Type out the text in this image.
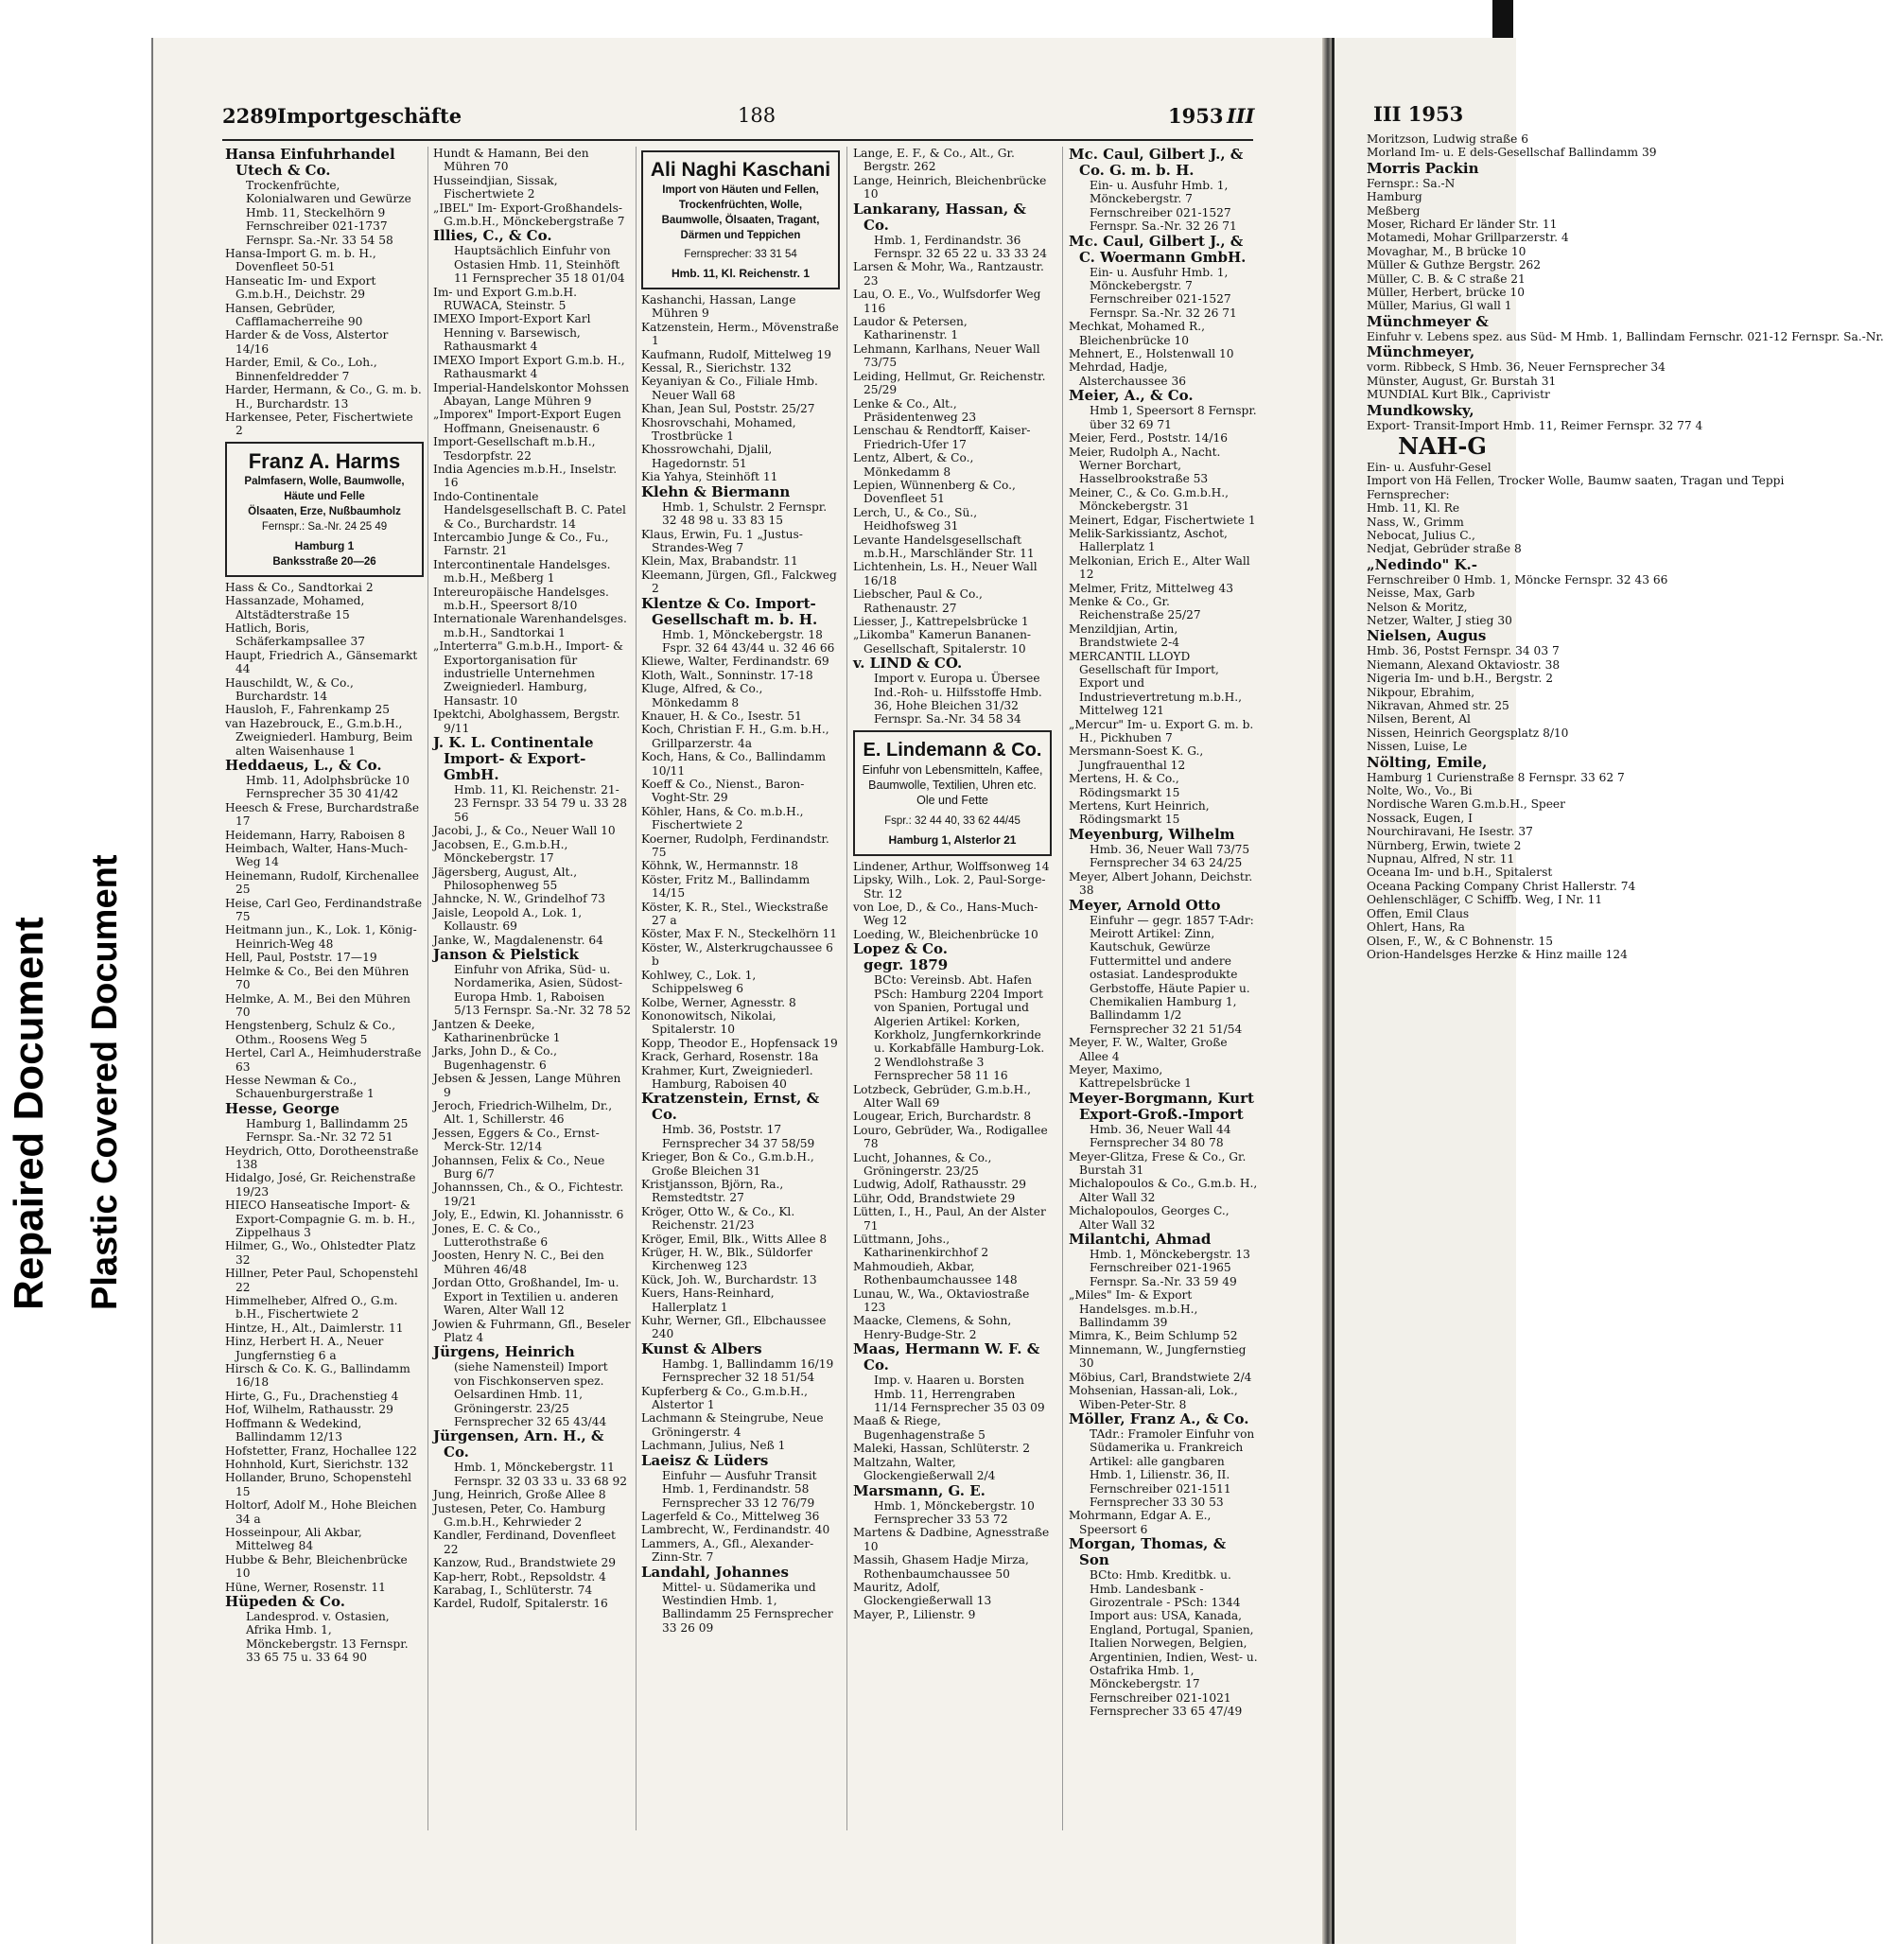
Repaired Document Plastic Covered Document
2289 Importgeschäfte	188	1953 III
Hansa Einfuhrhandel
Utech & Co.
Trockenfrüchte, Kolonialwaren und Gewürze Hmb. 11, Steckelhörn 9 Fernschreiber 021-1737 Fernspr. Sa.-Nr. 33 54 58
Hansa-Import G. m. b. H., Dovenfleet 50-51
Hanseatic Im- und Export G.m.b.H., Deichstr. 29
Hansen, Gebrüder, Cafflamacherreihe 90
Harder & de Voss, Alstertor 14/16
Harder, Emil, & Co., Loh., Binnenfeldredder 7
Harder, Hermann, & Co., G. m. b. H., Burchardstr. 13
Harkensee, Peter, Fischertwiete 2
Franz A. Harms
Palmfasern, Wolle, Baumwolle, Häute und Felle
Ölsaaten, Erze, Nußbaumholz
Fernspr.: Sa.-Nr. 24 25 49
Hamburg 1
Banksstraße 20—26
Hass & Co., Sandtorkai 2
Hassanzade, Mohamed, Altstädterstraße 15
Hatlich, Boris, Schäferkampsallee 37
Haupt, Friedrich A., Gänsemarkt 44
Hauschildt, W., & Co., Burchardstr. 14
Hausloh, F., Fahrenkamp 25
van Hazebrouck, E., G.m.b.H., Zweigniederl. Hamburg, Beim alten Waisenhause 1
Heddaeus, L., & Co.
Hmb. 11, Adolphsbrücke 10 Fernsprecher 35 30 41/42
Heesch & Frese, Burchardstraße 17
Heidemann, Harry, Raboisen 8
Heimbach, Walter, Hans-Much-Weg 14
Heinemann, Rudolf, Kirchenallee 25
Heise, Carl Geo, Ferdinandstraße 75
Heitmann jun., K., Lok. 1, König-Heinrich-Weg 48
Hell, Paul, Poststr. 17—19
Helmke & Co., Bei den Mühren 70
Helmke, A. M., Bei den Mühren 70
Hengstenberg, Schulz & Co., Othm., Roosens Weg 5
Hertel, Carl A., Heimhuderstraße 63
Hesse Newman & Co., Schauenburgerstraße 1
Hesse, George
Hamburg 1, Ballindamm 25 Fernspr. Sa.-Nr. 32 72 51
Heydrich, Otto, Dorotheenstraße 138
Hidalgo, José, Gr. Reichenstraße 19/23
HIECO Hanseatische Import- & Export-Compagnie G. m. b. H., Zippelhaus 3
Hilmer, G., Wo., Ohlstedter Platz 32
Hillner, Peter Paul, Schopenstehl 22
Himmelheber, Alfred O., G.m. b.H., Fischertwiete 2
Hintze, H., Alt., Daimlerstr. 11
Hinz, Herbert H. A., Neuer Jungfernstieg 6 a
Hirsch & Co. K. G., Ballindamm 16/18
Hirte, G., Fu., Drachenstieg 4
Hof, Wilhelm, Rathausstr. 29
Hoffmann & Wedekind, Ballindamm 12/13
Hofstetter, Franz, Hochallee 122
Hohnhold, Kurt, Sierichstr. 132
Hollander, Bruno, Schopenstehl 15
Holtorf, Adolf M., Hohe Bleichen 34 a
Hosseinpour, Ali Akbar, Mittelweg 84
Hubbe & Behr, Bleichenbrücke 10
Hüne, Werner, Rosenstr. 11
Hüpeden & Co.
Landesprod. v. Ostasien, Afrika Hmb. 1, Mönckebergstr. 13 Fernspr. 33 65 75 u. 33 64 90
Hundt & Hamann, Bei den Mühren 70
Husseindjian, Sissak, Fischertwiete 2
„IBEL" Im- Export-Großhandels-G.m.b.H., Mönckebergstraße 7
Illies, C., & Co.
Hauptsächlich Einfuhr von Ostasien Hmb. 11, Steinhöft 11 Fernsprecher 35 18 01/04
Im- und Export G.m.b.H. RUWACA, Steinstr. 5
IMEXO Import-Export Karl Henning v. Barsewisch, Rathausmarkt 4
IMEXO Import Export G.m.b. H., Rathausmarkt 4
Imperial-Handelskontor Mohssen Abayan, Lange Mühren 9
„Imporex" Import-Export Eugen Hoffmann, Gneisenaustr. 6
Import-Gesellschaft m.b.H., Tesdorpfstr. 22
India Agencies m.b.H., Inselstr. 16
Indo-Continentale Handelsgesellschaft B. C. Patel & Co., Burchardstr. 14
Intercambio Junge & Co., Fu., Farnstr. 21
Intercontinentale Handelsges. m.b.H., Meßberg 1
Intereuropäische Handelsges. m.b.H., Speersort 8/10
Internationale Warenhandelsges. m.b.H., Sandtorkai 1
„Interterra" G.m.b.H., Import- & Exportorganisation für industrielle Unternehmen Zweigniederl. Hamburg, Hansastr. 10
Ipektchi, Abolghassem, Bergstr. 9/11
J. K. L. Continentale Import- & Export-GmbH.
Hmb. 11, Kl. Reichenstr. 21-23 Fernspr. 33 54 79 u. 33 28 56
Jacobi, J., & Co., Neuer Wall 10
Jacobsen, E., G.m.b.H., Mönckebergstr. 17
Jägersberg, August, Alt., Philosophenweg 55
Jahncke, N. W., Grindelhof 73
Jaisle, Leopold A., Lok. 1, Kollaustr. 69
Janke, W., Magdalenenstr. 64
Janson & Pielstick
Einfuhr von Afrika, Süd- u. Nordamerika, Asien, Südost-Europa Hmb. 1, Raboisen 5/13 Fernspr. Sa.-Nr. 32 78 52
Jantzen & Deeke, Katharinenbrücke 1
Jarks, John D., & Co., Bugenhagenstr. 6
Jebsen & Jessen, Lange Mühren 9
Jeroch, Friedrich-Wilhelm, Dr., Alt. 1, Schillerstr. 46
Jessen, Eggers & Co., Ernst-Merck-Str. 12/14
Johannsen, Felix & Co., Neue Burg 6/7
Johannssen, Ch., & O., Fichtestr. 19/21
Joly, E., Edwin, Kl. Johannisstr. 6
Jones, E. C. & Co., Lutterothstraße 6
Joosten, Henry N. C., Bei den Mühren 46/48
Jordan Otto, Großhandel, Im- u. Export in Textilien u. anderen Waren, Alter Wall 12
Jowien & Fuhrmann, Gfl., Beseler Platz 4
Jürgens, Heinrich
(siehe Namensteil) Import von Fischkonserven spez. Oelsardinen Hmb. 11, Gröningerstr. 23/25 Fernsprecher 32 65 43/44
Jürgensen, Arn. H., & Co.
Hmb. 1, Mönckebergstr. 11 Fernspr. 32 03 33 u. 33 68 92
Jung, Heinrich, Große Allee 8
Justesen, Peter, Co. Hamburg G.m.b.H., Kehrwieder 2
Kandler, Ferdinand, Dovenfleet 22
Kanzow, Rud., Brandstwiete 29
Kap-herr, Robt., Repsoldstr. 4
Karabag, I., Schlüterstr. 74
Kardel, Rudolf, Spitalerstr. 16
Ali Naghi Kaschani
Import von Häuten und Fellen, Trockenfrüchten, Wolle, Baumwolle, Ölsaaten, Tragant, Därmen und Teppichen
Fernsprecher: 33 31 54
Hmb. 11, Kl. Reichenstr. 1
Kashanchi, Hassan, Lange Mühren 9
Katzenstein, Herm., Mövenstraße 1
Kaufmann, Rudolf, Mittelweg 19
Kessal, R., Sierichstr. 132
Keyaniyan & Co., Filiale Hmb. Neuer Wall 68
Khan, Jean Sul, Poststr. 25/27
Khosrovschahi, Mohamed, Trostbrücke 1
Khossrowchahi, Djalil, Hagedornstr. 51
Kia Yahya, Steinhöft 11
Klehn & Biermann
Hmb. 1, Schulstr. 2 Fernspr. 32 48 98 u. 33 83 15
Klaus, Erwin, Fu. 1 „Justus-Strandes-Weg 7
Klein, Max, Brabandstr. 11
Kleemann, Jürgen, Gfl., Falckweg 2
Klentze & Co. Import-Gesellschaft m. b. H.
Hmb. 1, Mönckebergstr. 18 Fspr. 32 64 43/44 u. 32 46 66
Kliewe, Walter, Ferdinandstr. 69
Kloth, Walt., Sonninstr. 17-18
Kluge, Alfred, & Co., Mönkedamm 8
Knauer, H. & Co., Isestr. 51
Koch, Christian F. H., G.m. b.H., Grillparzerstr. 4a
Koch, Hans, & Co., Ballindamm 10/11
Koeff & Co., Nienst., Baron-Voght-Str. 29
Köhler, Hans, & Co. m.b.H., Fischertwiete 2
Koerner, Rudolph, Ferdinandstr. 75
Köhnk, W., Hermannstr. 18
Köster, Fritz M., Ballindamm 14/15
Köster, K. R., Stel., Wieckstraße 27 a
Köster, Max F. N., Steckelhörn 11
Köster, W., Alsterkrugchaussee 6 b
Kohlwey, C., Lok. 1, Schippelsweg 6
Kolbe, Werner, Agnesstr. 8
Kononowitsch, Nikolai, Spitalerstr. 10
Kopp, Theodor E., Hopfensack 19
Krack, Gerhard, Rosenstr. 18a
Krahmer, Kurt, Zweigniederl. Hamburg, Raboisen 40
Kratzenstein, Ernst, & Co.
Hmb. 36, Poststr. 17 Fernsprecher 34 37 58/59
Krieger, Bon & Co., G.m.b.H., Große Bleichen 31
Kristjansson, Björn, Ra., Remstedtstr. 27
Kröger, Otto W., & Co., Kl. Reichenstr. 21/23
Kröger, Emil, Blk., Witts Allee 8
Krüger, H. W., Blk., Süldorfer Kirchenweg 123
Kück, Joh. W., Burchardstr. 13
Kuers, Hans-Reinhard, Hallerplatz 1
Kuhr, Werner, Gfl., Elbchaussee 240
Kunst & Albers
Hambg. 1, Ballindamm 16/19 Fernsprecher 32 18 51/54
Kupferberg & Co., G.m.b.H., Alstertor 1
Lachmann & Steingrube, Neue Gröningerstr. 4
Lachmann, Julius, Neß 1
Laeisz & Lüders
Einfuhr — Ausfuhr Transit Hmb. 1, Ferdinandstr. 58 Fernsprecher 33 12 76/79
Lagerfeld & Co., Mittelweg 36
Lambrecht, W., Ferdinandstr. 40
Lammers, A., Gfl., Alexander-Zinn-Str. 7
Landahl, Johannes
Mittel- u. Südamerika und Westindien Hmb. 1, Ballindamm 25 Fernsprecher 33 26 09
Lange, E. F., & Co., Alt., Gr. Bergstr. 262
Lange, Heinrich, Bleichenbrücke 10
Lankarany, Hassan, & Co.
Hmb. 1, Ferdinandstr. 36 Fernspr. 32 65 22 u. 33 33 24
Larsen & Mohr, Wa., Rantzaustr. 23
Lau, O. E., Vo., Wulfsdorfer Weg 116
Laudor & Petersen, Katharinenstr. 1
Lehmann, Karlhans, Neuer Wall 73/75
Leiding, Hellmut, Gr. Reichenstr. 25/29
Lenke & Co., Alt., Präsidentenweg 23
Lenschau & Rendtorff, Kaiser-Friedrich-Ufer 17
Lentz, Albert, & Co., Mönkedamm 8
Lepien, Wünnenberg & Co., Dovenfleet 51
Lerch, U., & Co., Sü., Heidhofsweg 31
Levante Handelsgesellschaft m.b.H., Marschländer Str. 11
Lichtenhein, Ls. H., Neuer Wall 16/18
Liebscher, Paul & Co., Rathenaustr. 27
Liesser, J., Kattrepelsbrücke 1
„Likomba" Kamerun Bananen-Gesellschaft, Spitalerstr. 10
v. LIND & CO.
Import v. Europa u. Übersee Ind.-Roh- u. Hilfsstoffe Hmb. 36, Hohe Bleichen 31/32 Fernspr. Sa.-Nr. 34 58 34
E. Lindemann & Co.
Einfuhr von Lebensmitteln, Kaffee, Baumwolle, Textilien, Uhren etc. Ole und Fette
Fspr.: 32 44 40, 33 62 44/45
Hamburg 1, Alsterlor 21
Lindener, Arthur, Wolffsonweg 14
Lipsky, Wilh., Lok. 2, Paul-Sorge-Str. 12
von Loe, D., & Co., Hans-Much-Weg 12
Loeding, W., Bleichenbrücke 10
Lopez & Co.
gegr. 1879
BCto: Vereinsb. Abt. Hafen PSch: Hamburg 2204 Import von Spanien, Portugal und Algerien Artikel: Korken, Korkholz, Jungfernkorkrinde u. Korkabfälle Hamburg-Lok. 2 Wendlohstraße 3 Fernsprecher 58 11 16
Lotzbeck, Gebrüder, G.m.b.H., Alter Wall 69
Lougear, Erich, Burchardstr. 8
Louro, Gebrüder, Wa., Rodigallee 78
Lucht, Johannes, & Co., Gröningerstr. 23/25
Ludwig, Adolf, Rathausstr. 29
Lühr, Odd, Brandstwiete 29
Lütten, I., H., Paul, An der Alster 71
Lüttmann, Johs., Katharinenkirchhof 2
Mahmoudieh, Akbar, Rothenbaumchaussee 148
Lunau, W., Wa., Oktaviostraße 123
Maacke, Clemens, & Sohn, Henry-Budge-Str. 2
Maas, Hermann W. F. & Co.
Imp. v. Haaren u. Borsten Hmb. 11, Herrengraben 11/14 Fernsprecher 35 03 09
Maaß & Riege, Bugenhagenstraße 5
Maleki, Hassan, Schlüterstr. 2
Maltzahn, Walter, Glockengießerwall 2/4
Marsmann, G. E.
Hmb. 1, Mönckebergstr. 10 Fernsprecher 33 53 72
Martens & Dadbine, Agnesstraße 10
Massih, Ghasem Hadje Mirza, Rothenbaumchaussee 50
Mauritz, Adolf, Glockengießerwall 13
Mayer, P., Lilienstr. 9
Mc. Caul, Gilbert J., & Co. G. m. b. H.
Ein- u. Ausfuhr Hmb. 1, Mönckebergstr. 7 Fernschreiber 021-1527 Fernspr. Sa.-Nr. 32 26 71
Mc. Caul, Gilbert J., & C. Woermann GmbH.
Ein- u. Ausfuhr Hmb. 1, Mönckebergstr. 7 Fernschreiber 021-1527 Fernspr. Sa.-Nr. 32 26 71
Mechkat, Mohamed R., Bleichenbrücke 10
Mehnert, E., Holstenwall 10
Mehrdad, Hadje, Alsterchaussee 36
Meier, A., & Co.
Hmb 1, Speersort 8 Fernspr. über 32 69 71
Meier, Ferd., Poststr. 14/16
Meier, Rudolph A., Nacht. Werner Borchart, Hasselbrookstraße 53
Meiner, C., & Co. G.m.b.H., Mönckebergstr. 31
Meinert, Edgar, Fischertwiete 1
Melik-Sarkissiantz, Aschot, Hallerplatz 1
Melkonian, Erich E., Alter Wall 12
Melmer, Fritz, Mittelweg 43
Menke & Co., Gr. Reichenstraße 25/27
Menzildjian, Artin, Brandstwiete 2-4
MERCANTIL LLOYD Gesellschaft für Import, Export und Industrievertretung m.b.H., Mittelweg 121
„Mercur" Im- u. Export G. m. b. H., Pickhuben 7
Mersmann-Soest K. G., Jungfrauenthal 12
Mertens, H. & Co., Rödingsmarkt 15
Mertens, Kurt Heinrich, Rödingsmarkt 15
Meyenburg, Wilhelm
Hmb. 36, Neuer Wall 73/75 Fernsprecher 34 63 24/25
Meyer, Albert Johann, Deichstr. 38
Meyer, Arnold Otto
Einfuhr — gegr. 1857 T-Adr: Meirott Artikel: Zinn, Kautschuk, Gewürze Futtermittel und andere ostasiat. Landesprodukte Gerbstoffe, Häute Papier u. Chemikalien Hamburg 1, Ballindamm 1/2 Fernsprecher 32 21 51/54
Meyer, F. W., Walter, Große Allee 4
Meyer, Maximo, Kattrepelsbrücke 1
Meyer-Borgmann, Kurt Export-Groß.-Import
Hmb. 36, Neuer Wall 44 Fernsprecher 34 80 78
Meyer-Glitza, Frese & Co., Gr. Burstah 31
Michalopoulos & Co., G.m.b. H., Alter Wall 32
Michalopoulos, Georges C., Alter Wall 32
Milantchi, Ahmad
Hmb. 1, Mönckebergstr. 13 Fernschreiber 021-1965 Fernspr. Sa.-Nr. 33 59 49
„Miles" Im- & Export Handelsges. m.b.H., Ballindamm 39
Mimra, K., Beim Schlump 52
Minnemann, W., Jungfernstieg 30
Möbius, Carl, Brandstwiete 2/4
Mohsenian, Hassan-ali, Lok., Wiben-Peter-Str. 8
Möller, Franz A., & Co.
TAdr.: Framoler Einfuhr von Südamerika u. Frankreich Artikel: alle gangbaren Hmb. 1, Lilienstr. 36, II. Fernschreiber 021-1511 Fernsprecher 33 30 53
Mohrmann, Edgar A. E., Speersort 6
Morgan, Thomas, & Son
BCto: Hmb. Kreditbk. u. Hmb. Landesbank - Girozentrale - PSch: 1344 Import aus: USA, Kanada, England, Portugal, Spanien, Italien Norwegen, Belgien, Argentinien, Indien, West- u. Ostafrika Hmb. 1, Mönckebergstr. 17 Fernschreiber 021-1021 Fernsprecher 33 65 47/49
III 1953
Moritzson, Ludwig straße 6
Morland Im- u. E dels-Gesellschaf Ballindamm 39
Morris Packin
Fernspr.: Sa.-N
Hamburg
Meßberg
Moser, Richard Er länder Str. 11
Motamedi, Mohar Grillparzerstr. 4
Movaghar, M., B brücke 10
Müller & Guthze Bergstr. 262
Müller, C. B. & C straße 21
Müller, Herbert, brücke 10
Müller, Marius, Gl wall 1
Münchmeyer &
Einfuhr v. Lebens spez. aus Süd- M Hmb. 1, Ballindam Fernschr. 021-12 Fernspr. Sa.-Nr.
Münchmeyer,
vorm. Ribbeck, S Hmb. 36, Neuer Fernsprecher 34
Münster, August, Gr. Burstah 31
MUNDIAL Kurt Blk., Caprivistr
Mundkowsky,
Export- Transit-Import Hmb. 11, Reimer Fernspr. 32 77 4
NAH-G
Ein- u. Ausfuhr-Gesel
Import von Hä Fellen, Trocker Wolle, Baumw saaten, Tragan und Teppi
Fernsprecher:
Hmb. 11, Kl. Re
Nass, W., Grimm
Nebocat, Julius C.,
Nedjat, Gebrüder straße 8
„Nedindo" K.-
Fernschreiber 0 Hmb. 1, Möncke Fernspr. 32 43 66
Neisse, Max, Garb
Nelson & Moritz,
Netzer, Walter, J stieg 30
Nielsen, Augus
Hmb. 36, Postst Fernspr. 34 03 7
Niemann, Alexand Oktaviostr. 38
Nigeria Im- und b.H., Bergstr. 2
Nikpour, Ebrahim,
Nikravan, Ahmed str. 25
Nilsen, Berent, Al
Nissen, Heinrich Georgsplatz 8/10
Nissen, Luise, Le
Nölting, Emile,
Hamburg 1 Curienstraße 8 Fernspr. 33 62 7
Nolte, Wo., Vo., Bi
Nordische Waren G.m.b.H., Speer
Nossack, Eugen, I
Nourchiravani, He Isestr. 37
Nürnberg, Erwin, twiete 2
Nupnau, Alfred, N str. 11
Oceana Im- und b.H., Spitalerst
Oceana Packing Company Christ Hallerstr. 74
Oehlenschläger, C Schiffb. Weg, I Nr. 11
Offen, Emil Claus
Ohlert, Hans, Ra
Olsen, F., W., & C Bohnenstr. 15
Orion-Handelsges Herzke & Hinz maille 124
